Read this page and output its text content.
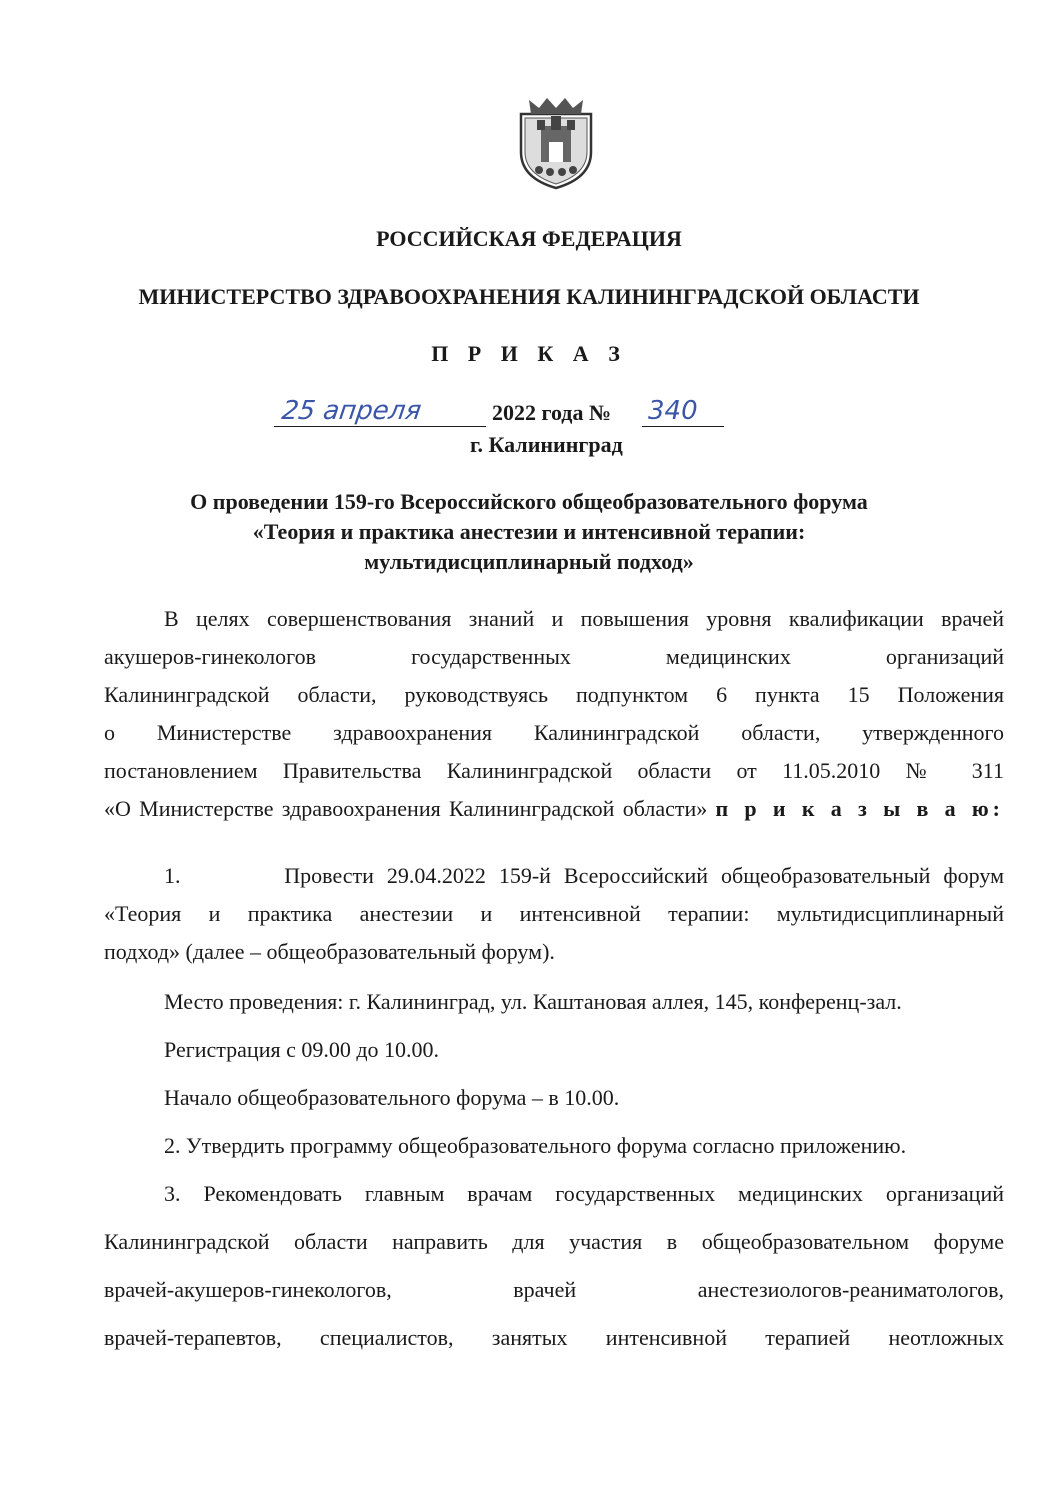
РОССИЙСКАЯ ФЕДЕРАЦИЯ
МИНИСТЕРСТВО ЗДРАВООХРАНЕНИЯ КАЛИНИНГРАДСКОЙ ОБЛАСТИ
П Р И К А З
25 апреля	2022 года № 340
г. Калининград
О проведении 159-го Всероссийского общеобразовательного форума
«Теория и практика анестезии и интенсивной терапии:
мультидисциплинарный подход»
В целях совершенствования знаний и повышения уровня квалификации врачей
акушеров-гинекологов государственных медицинских организаций
Калининградской области, руководствуясь подпунктом 6 пункта 15 Положения
о Министерстве здравоохранения Калининградской области, утвержденного
постановлением Правительства Калининградской области от 11.05.2010 № 311
«О Министерстве здравоохранения Калининградской области» п р и к а з ы в а ю:
1.	Провести 29.04.2022 159-й Всероссийский общеобразовательный форум
«Теория и практика анестезии и интенсивной терапии: мультидисциплинарный
подход» (далее – общеобразовательный форум).
Место проведения: г. Калининград, ул. Каштановая аллея, 145, конференц-зал.
Регистрация с 09.00 до 10.00.
Начало общеобразовательного форума – в 10.00.
2. Утвердить программу общеобразовательного форума согласно приложению.
3. Рекомендовать главным врачам государственных медицинских организаций
Калининградской области направить для участия в общеобразовательном форуме
врачей-акушеров-гинекологов, врачей анестезиологов-реаниматологов,
врачей-терапевтов, специалистов, занятых интенсивной терапией неотложных
